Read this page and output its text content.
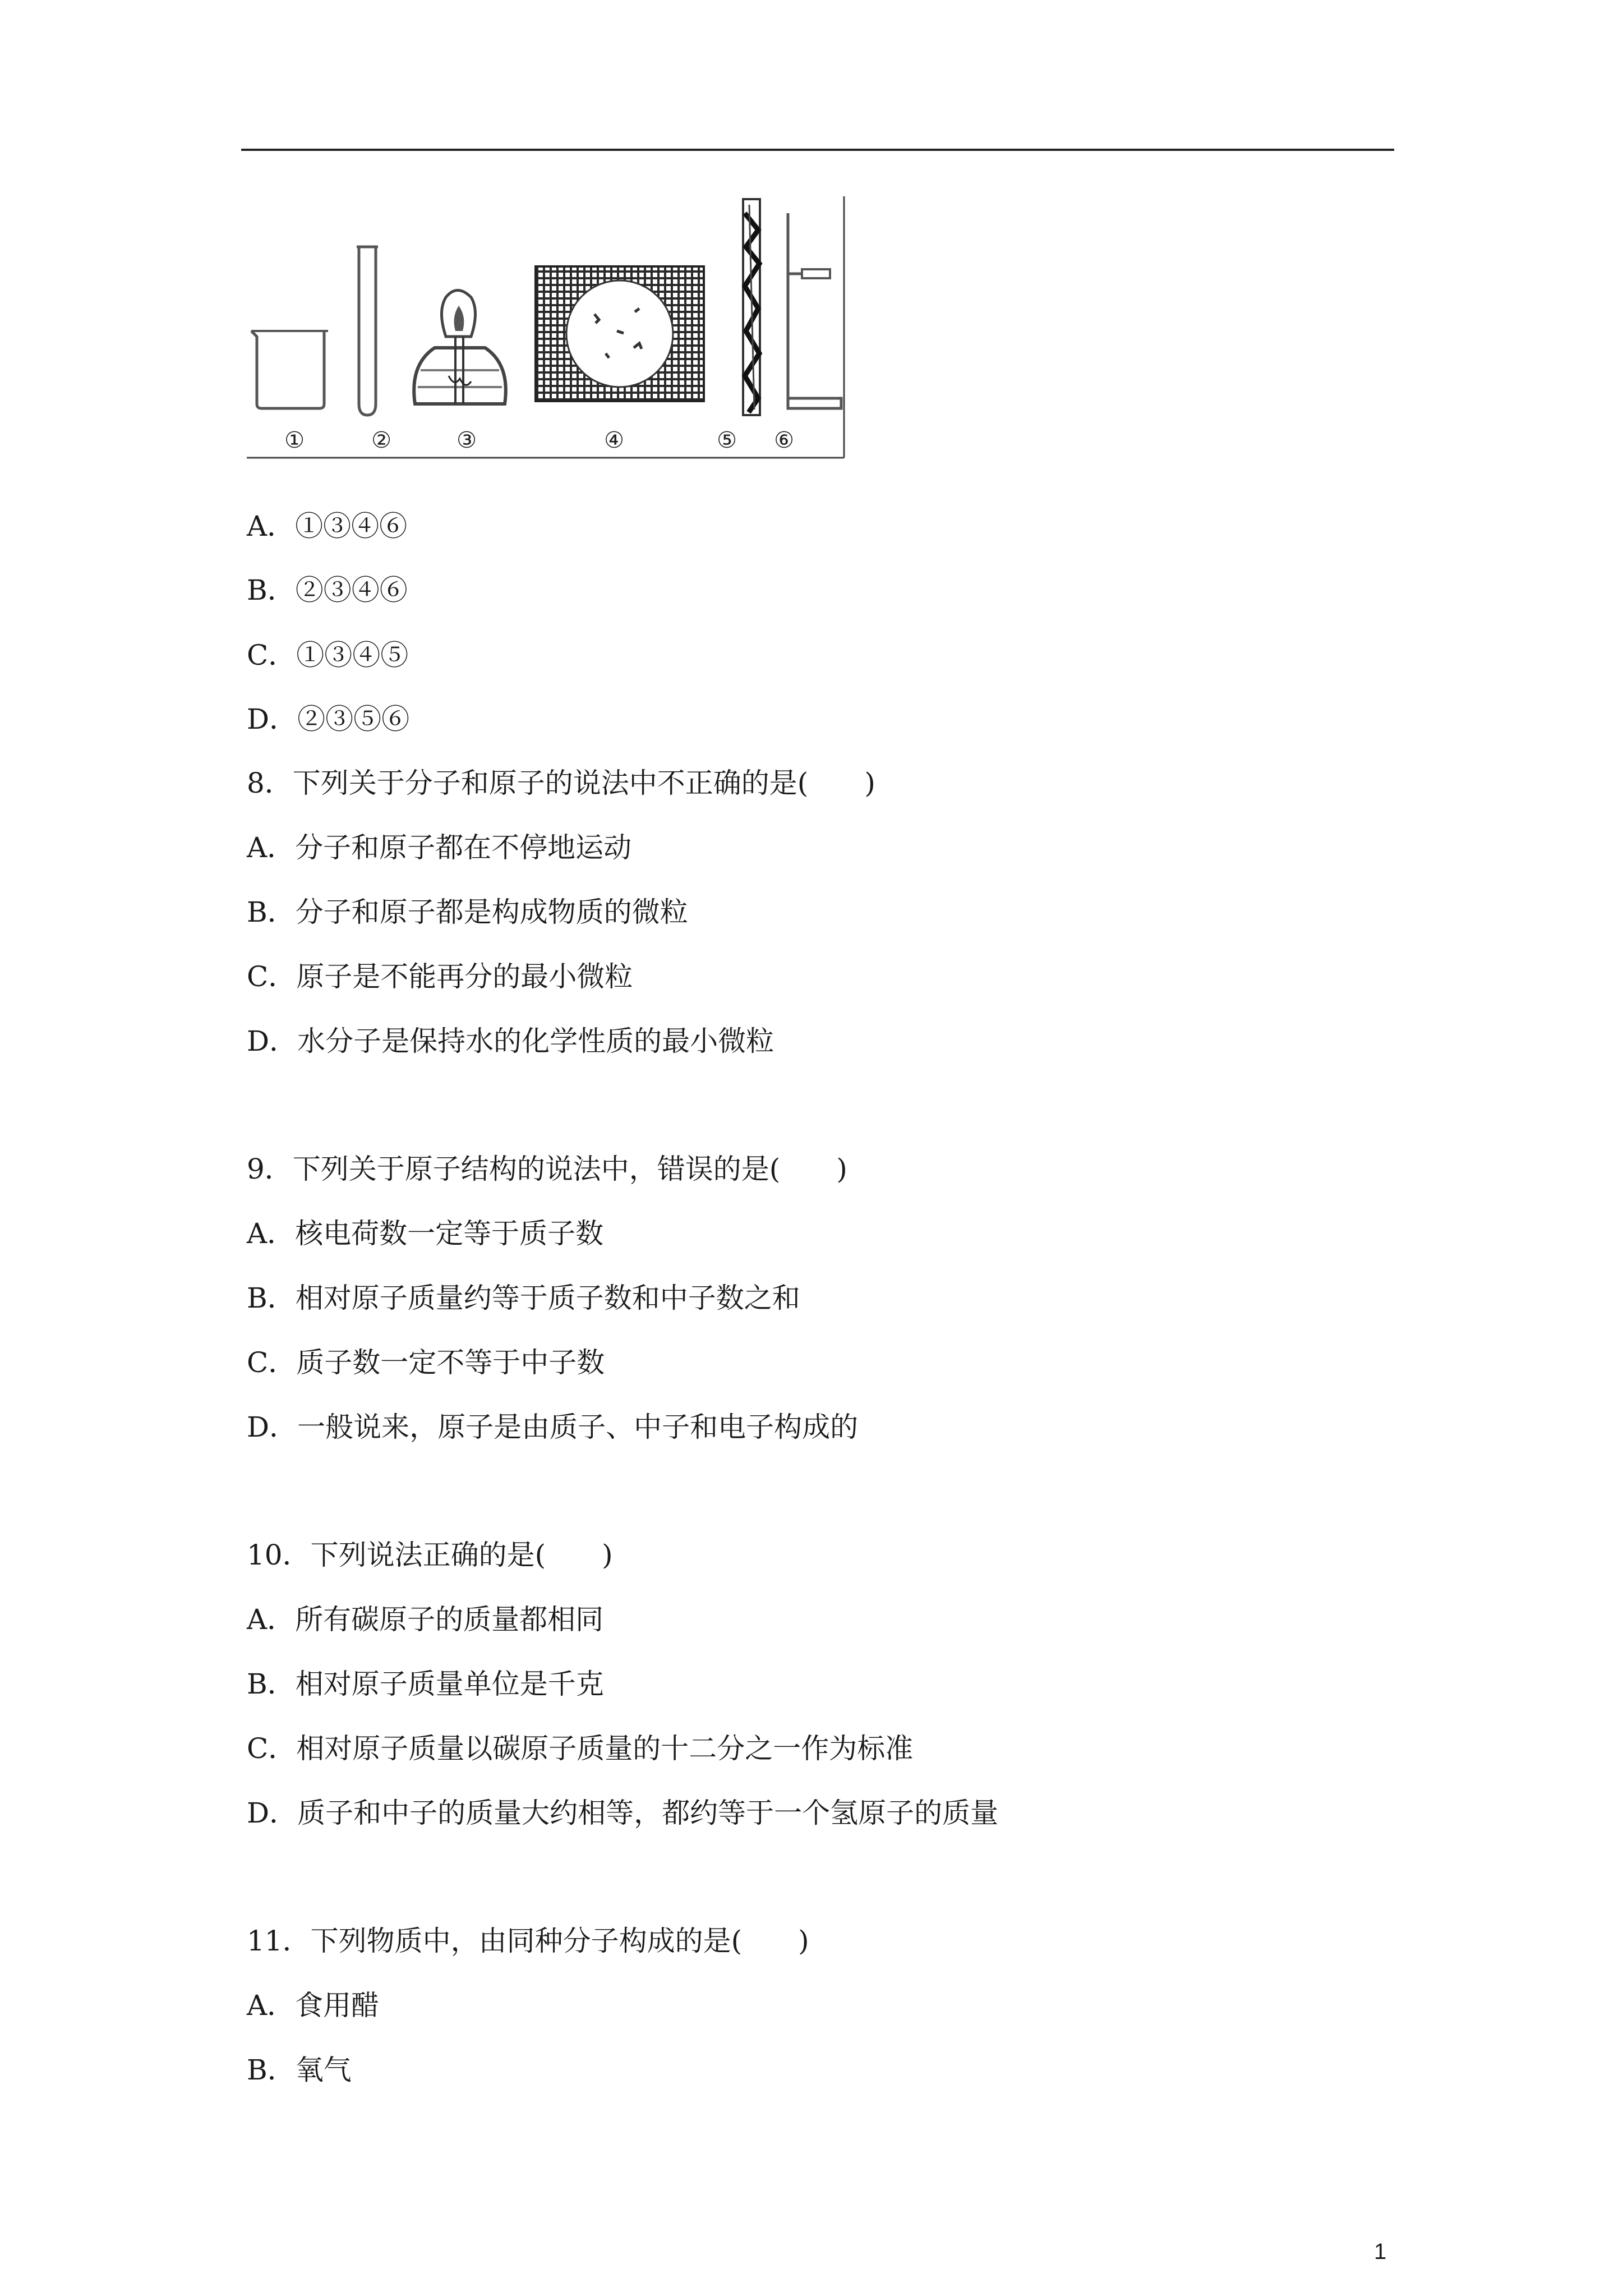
①	②	③	④	⑤ ⑥
A．①③④⑥
B．②③④⑥
C．①③④⑤
D．②③⑤⑥
8．下列关于分子和原子的说法中不正确的是(　　)
A．分子和原子都在不停地运动
B．分子和原子都是构成物质的微粒
C．原子是不能再分的最小微粒
D．水分子是保持水的化学性质的最小微粒
9．下列关于原子结构的说法中，错误的是(　　)
A．核电荷数一定等于质子数
B．相对原子质量约等于质子数和中子数之和
C．质子数一定不等于中子数
D．一般说来，原子是由质子、中子和电子构成的
10．下列说法正确的是(　　)
A．所有碳原子的质量都相同
B．相对原子质量单位是千克
C．相对原子质量以碳原子质量的十二分之一作为标准
D．质子和中子的质量大约相等，都约等于一个氢原子的质量
11．下列物质中，由同种分子构成的是(　　)
A．食用醋
B．氧气
1
